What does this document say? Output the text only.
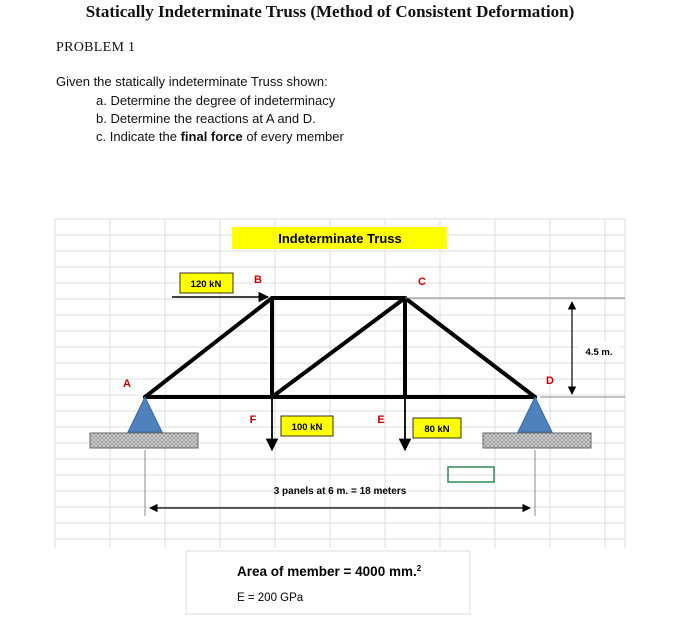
Statically Indeterminate Truss (Method of Consistent Deformation)
PROBLEM 1
Given the statically indeterminate Truss shown:
a. Determine the degree of indeterminacy
b. Determine the reactions at A and D.
c. Indicate the final force of every member
Indeterminate Truss
A
B	C
D
E
F
120 kN
100 kN	80 kN
4.5 m.
3 panels at 6 m. = 18 meters
Area of member = 4000 mm.$^2$
E = 200 GPa
